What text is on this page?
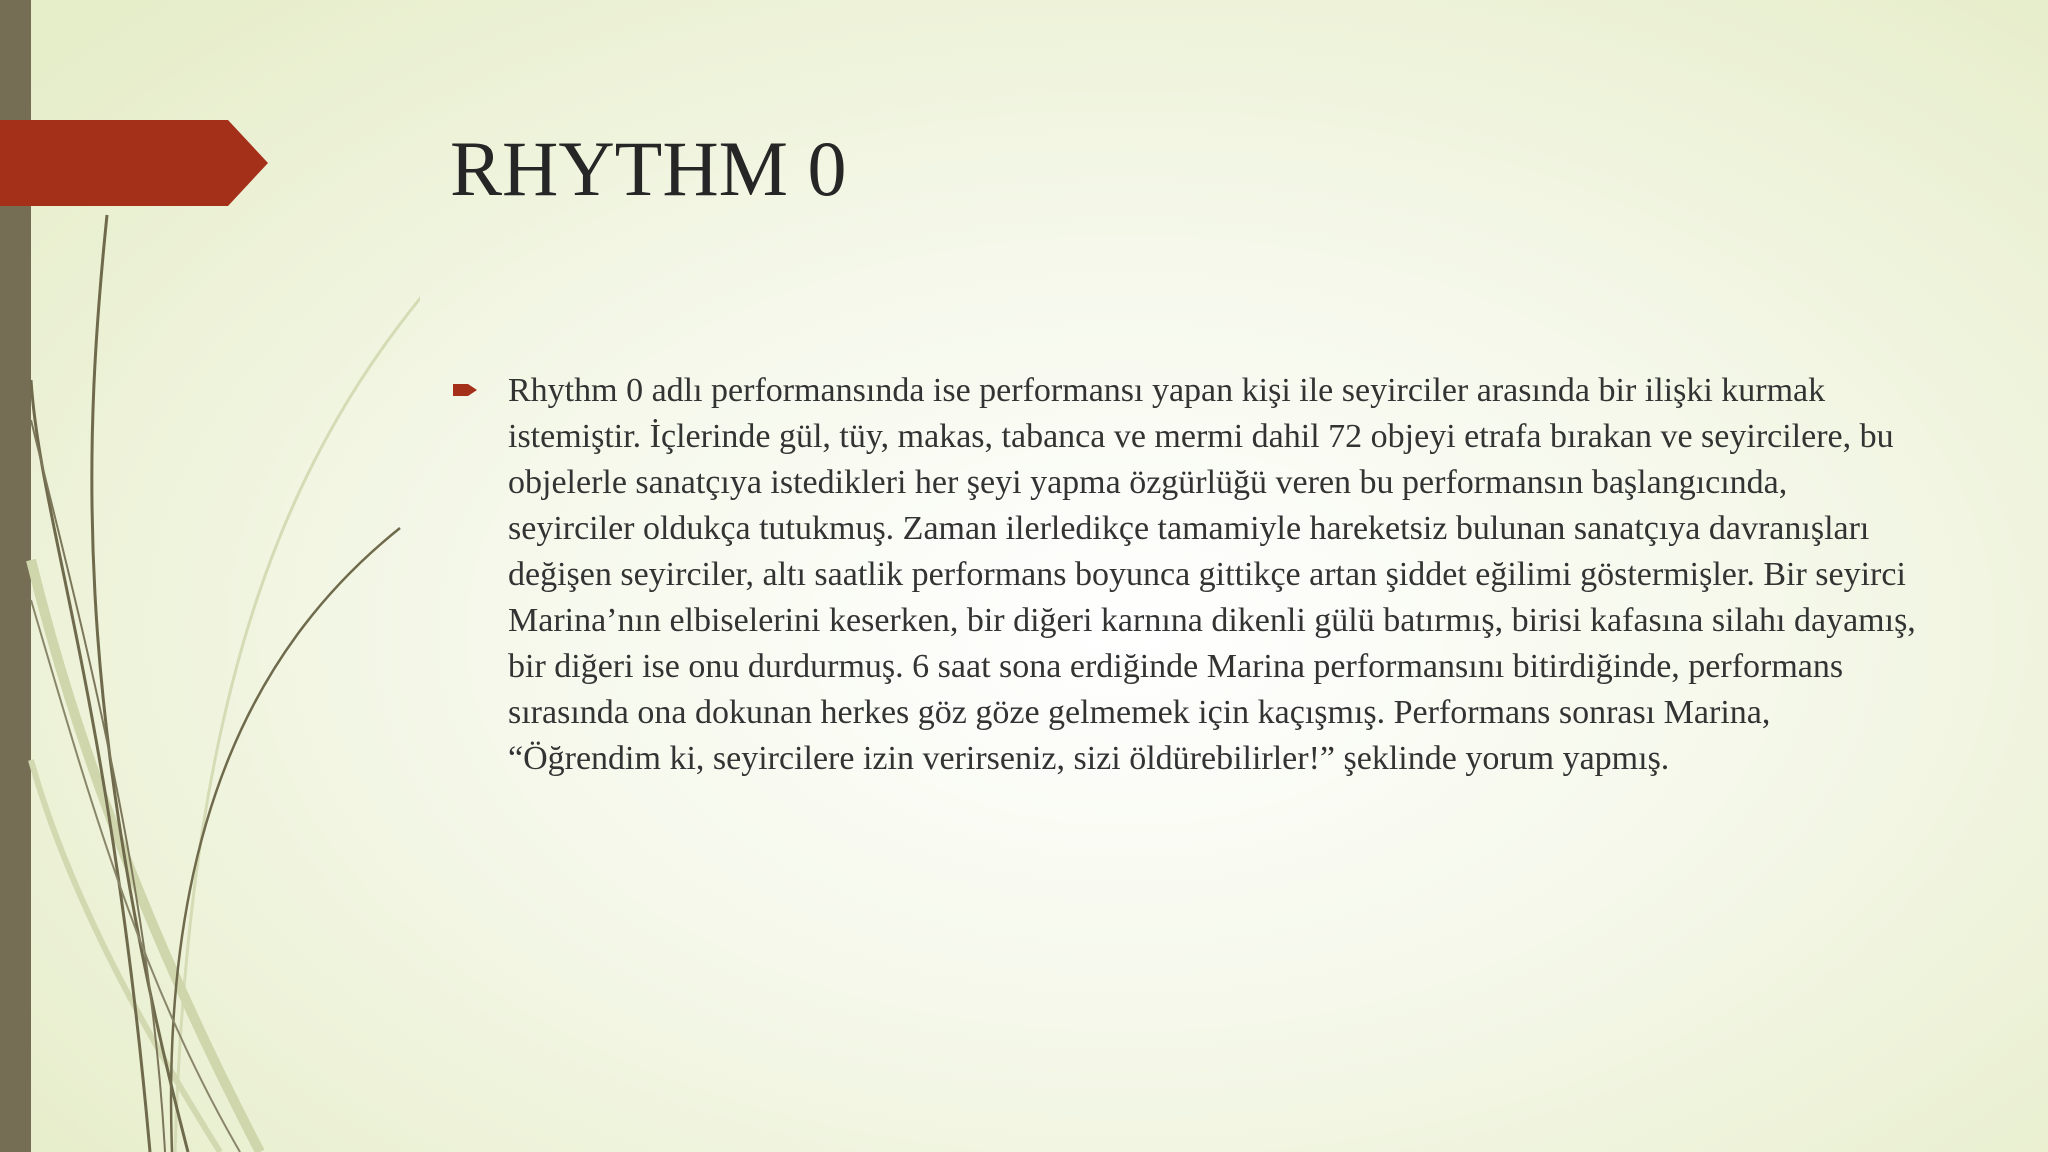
RHYTHM 0

Rhythm 0 adlı performansında ise performansı yapan kişi ile seyirciler arasında bir ilişki kurmak istemiştir. İçlerinde gül, tüy, makas, tabanca ve mermi dahil 72 objeyi etrafa bırakan ve seyircilere, bu objelerle sanatçıya istedikleri her şeyi yapma özgürlüğü veren bu performansın başlangıcında, seyirciler oldukça tutukmuş. Zaman ilerledikçe tamamiyle hareketsiz bulunan sanatçıya davranışları değişen seyirciler, altı saatlik performans boyunca gittikçe artan şiddet eğilimi göstermişler. Bir seyirci Marina’nın elbiselerini keserken, bir diğeri karnına dikenli gülü batırmış, birisi kafasına silahı dayamış, bir diğeri ise onu durdurmuş. 6 saat sona erdiğinde Marina performansını bitirdiğinde, performans sırasında ona dokunan herkes göz göze gelmemek için kaçışmış. Performans sonrası Marina, “Öğrendim ki, seyircilere izin verirseniz, sizi öldürebilirler!” şeklinde yorum yapmış.
